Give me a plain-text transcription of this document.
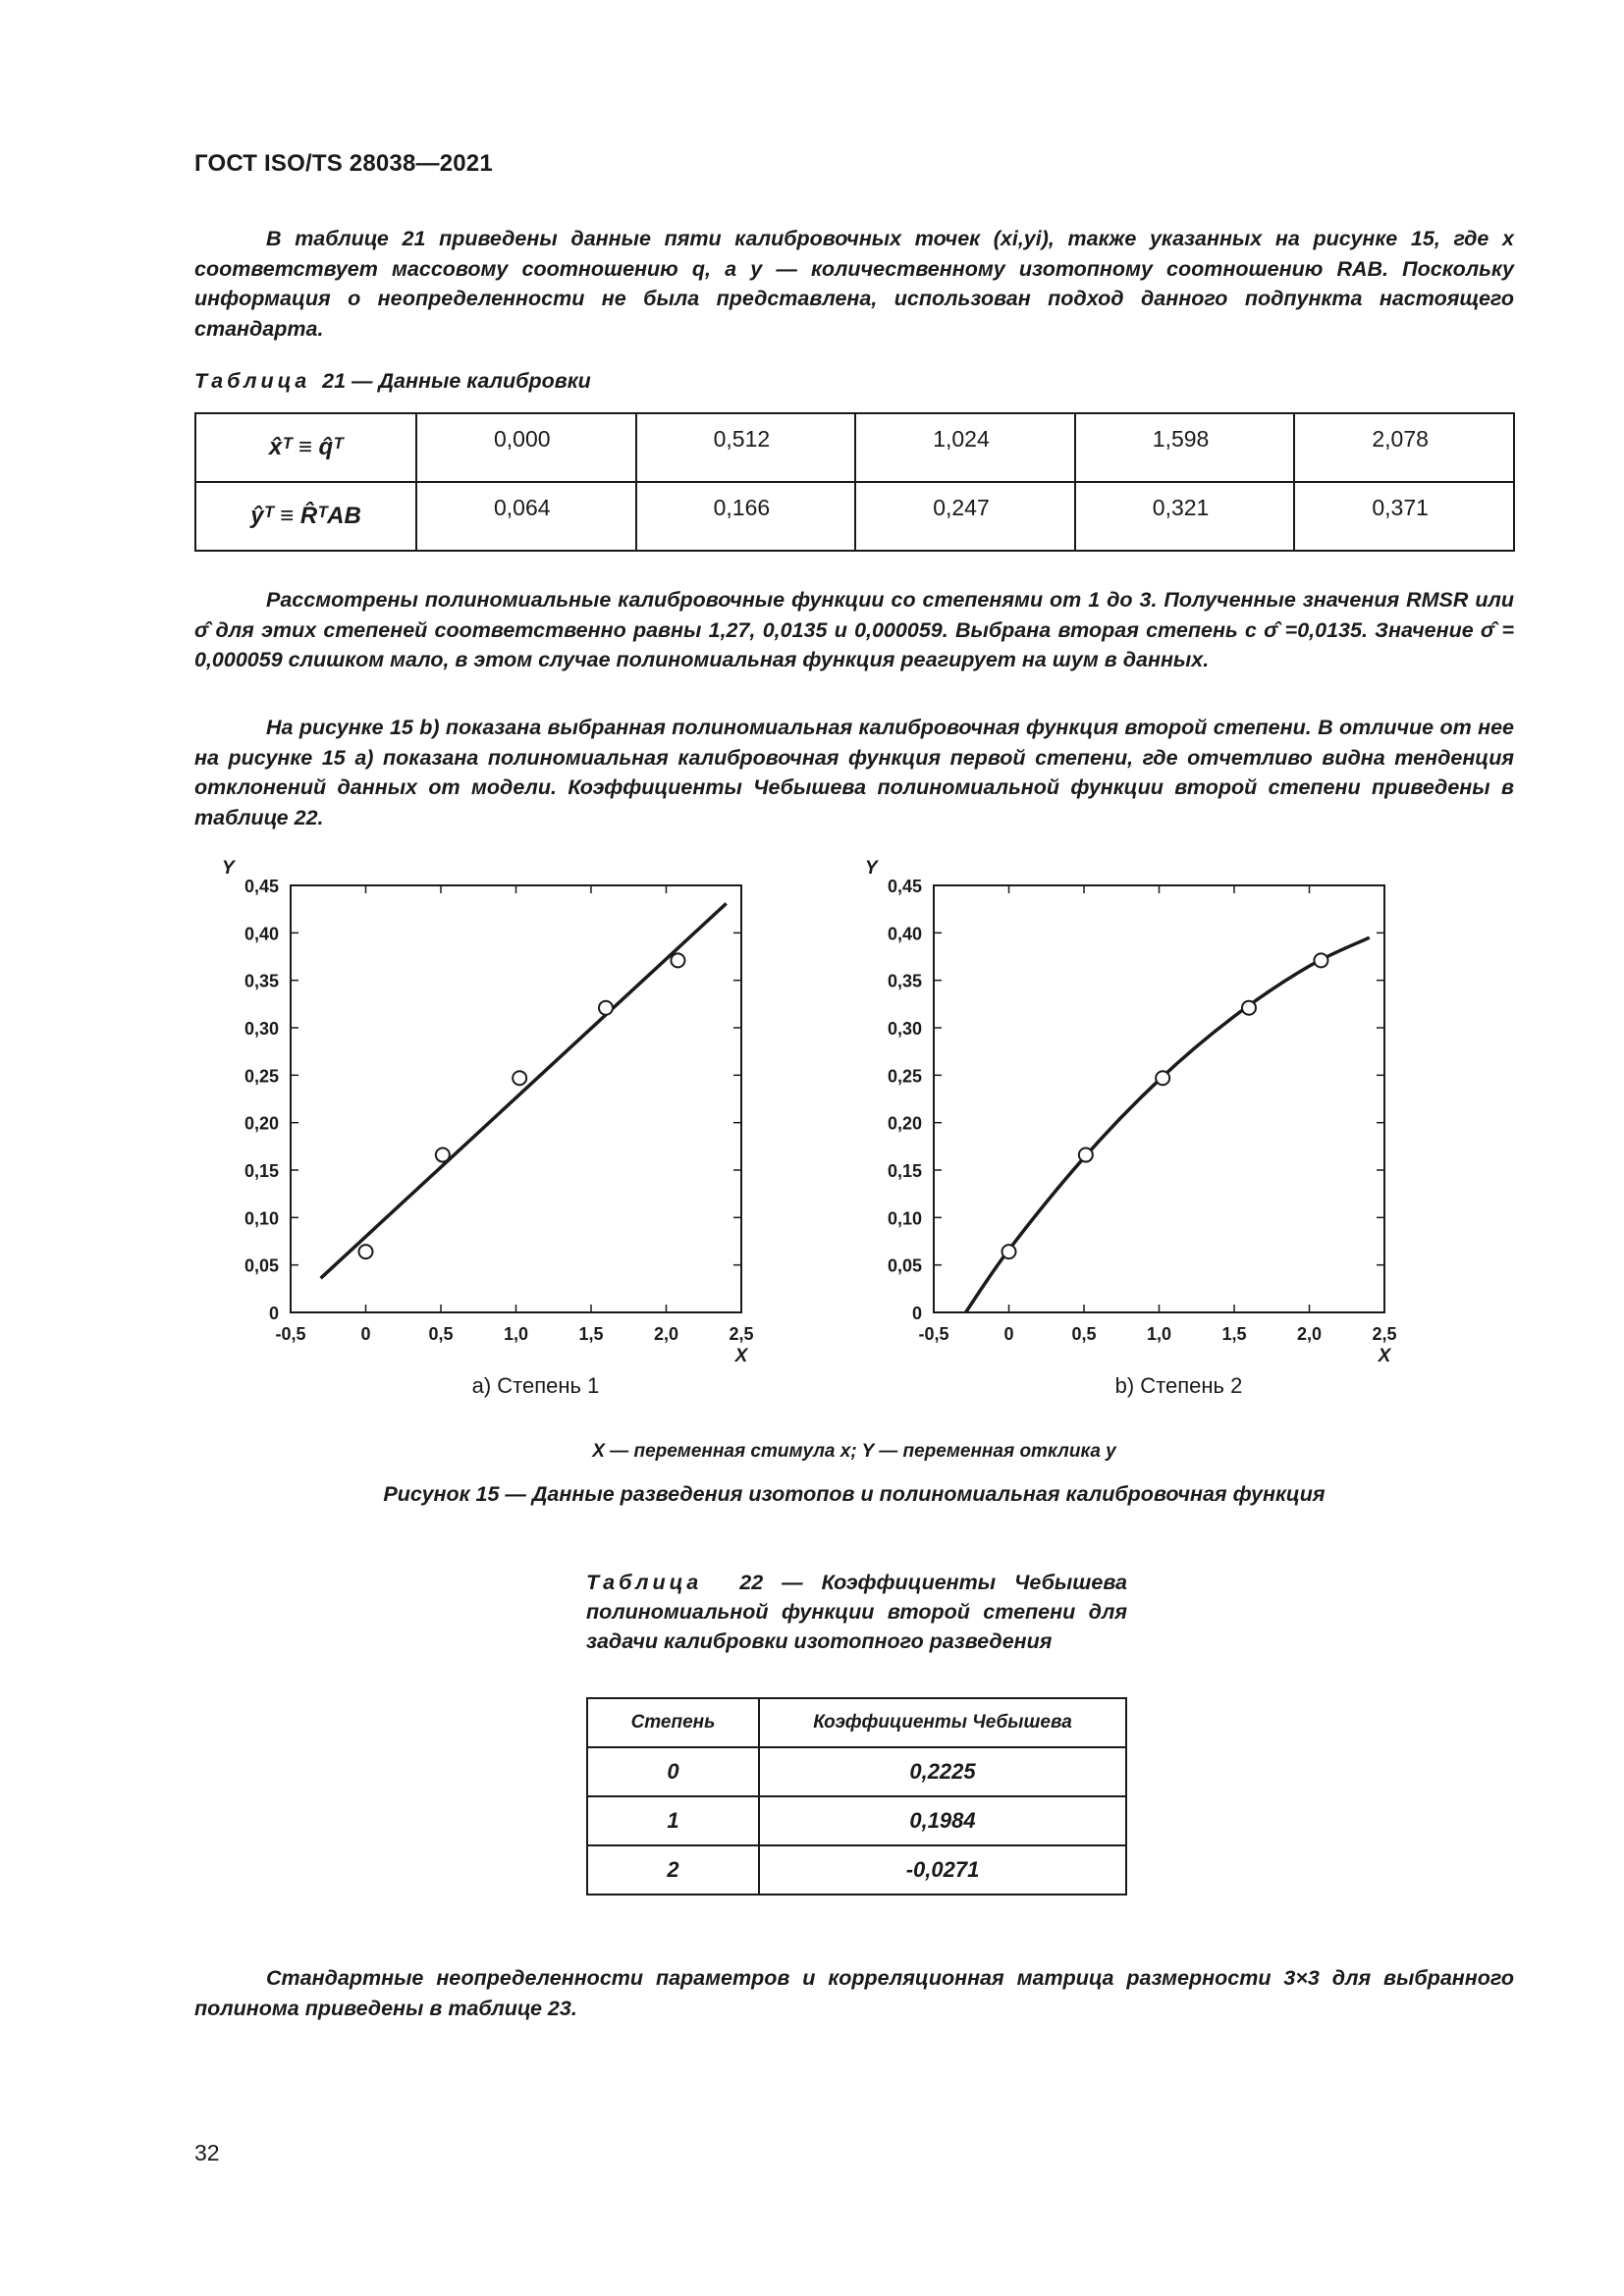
ГОСТ ISO/TS 28038—2021
В таблице 21 приведены данные пяти калибровочных точек (xi,yi), также указанных на рисунке 15, где x соответствует массовому соотношению q, а y — количественному изотопному соотношению RAB. Поскольку информация о неопределенности не была представлена, использован подход данного подпункта настоящего стандарта.
Таблица 21 — Данные калибровки
x̂ᵀ ≡ q̂ᵀ	0,000	0,512	1,024	1,598	2,078
ŷᵀ ≡ R̂ᵀAB	0,064	0,166	0,247	0,321	0,371
Рассмотрены полиномиальные калибровочные функции со степенями от 1 до 3. Полученные значения RMSR или σ̂ для этих степеней соответственно равны 1,27, 0,0135 и 0,000059. Выбрана вторая степень с σ̂ =0,0135. Значение σ̂ = 0,000059 слишком мало, в этом случае полиномиальная функция реагирует на шум в данных.
На рисунке 15 b) показана выбранная полиномиальная калибровочная функция второй степени. В отличие от нее на рисунке 15 a) показана полиномиальная калибровочная функция первой степени, где отчетливо видна тенденция отклонений данных от модели. Коэффициенты Чебышева полиномиальной функции второй степени приведены в таблице 22.
-0,5	0	0,5	1,0	1,5	2,0	2,5
0
0,05
0,10
0,15
0,20
0,25
0,30
0,35
0,40
0,45
Y
X
а) Степень 1
-0,5	0	0,5	1,0	1,5	2,0	2,5
0
0,05
0,10
0,15
0,20
0,25
0,30
0,35
0,40
0,45
Y
X
b) Степень 2
X — переменная стимула x; Y — переменная отклика y
Рисунок 15 — Данные разведения изотопов и полиномиальная калибровочная функция
Таблица 22 — Коэффициенты Чебышева полиномиальной функции второй степени для задачи калибровки изотопного разведения
Степень	Коэффициенты Чебышева
0	0,2225
1	0,1984
2	-0,0271
Стандартные неопределенности параметров и корреляционная матрица размерности 3×3 для выбранного полинома приведены в таблице 23.
32
